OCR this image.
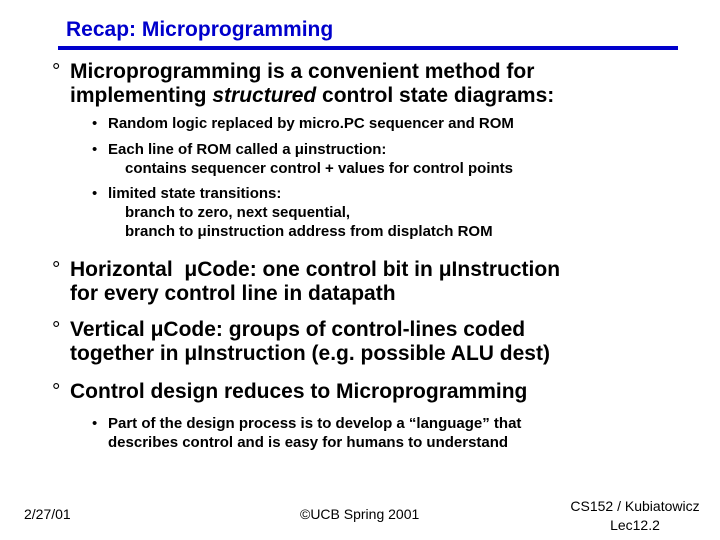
Recap: Microprogramming
° Microprogramming is a convenient method for
implementing structured control state diagrams:
• Random logic replaced by micro.PC sequencer and ROM
• Each line of ROM called a μinstruction:
contains sequencer control + values for control points
• limited state transitions:
branch to zero, next sequential,
branch to μinstruction address from displatch ROM
° Horizontal  μCode: one control bit in μInstruction
for every control line in datapath
° Vertical μCode: groups of control-lines coded
together in μInstruction (e.g. possible ALU dest)
° Control design reduces to Microprogramming
• Part of the design process is to develop a “language” that
describes control and is easy for humans to understand
2/27/01	©UCB Spring 2001	CS152 / Kubiatowicz
Lec12.2
